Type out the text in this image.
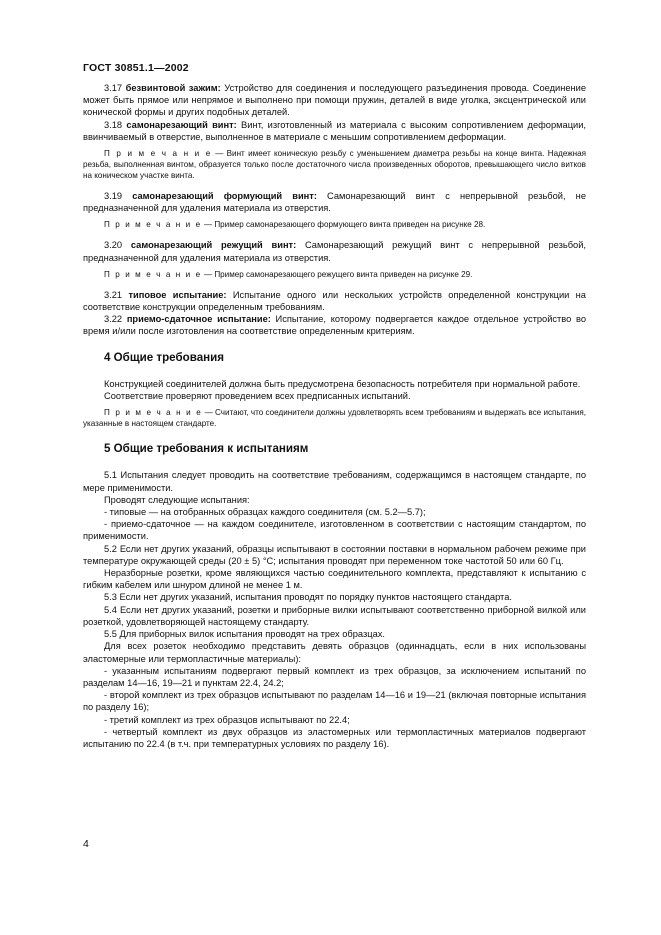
ГОСТ 30851.1—2002

3.17 безвинтовой зажим: Устройство для соединения и последующего разъединения провода. Соединение может быть прямое или непрямое и выполнено при помощи пружин, деталей в виде уголка, эксцентрической или конической формы и других подобных деталей.

3.18 самонарезающий винт: Винт, изготовленный из материала с высоким сопротивлением деформации, ввинчиваемый в отверстие, выполненное в материале с меньшим сопротивлением деформации.

П р и м е ч а н и е — Винт имеет коническую резьбу с уменьшением диаметра резьбы на конце винта. Надежная резьба, выполненная винтом, образуется только после достаточного числа произведенных оборотов, превышающего число витков на коническом участке винта.

3.19 самонарезающий формующий винт: Самонарезающий винт с непрерывной резьбой, не предназначенной для удаления материала из отверстия.

П р и м е ч а н и е — Пример самонарезающего формующего винта приведен на рисунке 28.

3.20 самонарезающий режущий винт: Самонарезающий режущий винт с непрерывной резьбой, предназначенной для удаления материала из отверстия.

П р и м е ч а н и е — Пример самонарезающего режущего винта приведен на рисунке 29.

3.21 типовое испытание: Испытание одного или нескольких устройств определенной конструкции на соответствие конструкции определенным требованиям.

3.22 приемо-сдаточное испытание: Испытание, которому подвергается каждое отдельное устройство во время и/или после изготовления на соответствие определенным критериям.

4 Общие требования

Конструкцией соединителей должна быть предусмотрена безопасность потребителя при нормальной работе.

Соответствие проверяют проведением всех предписанных испытаний.

П р и м е ч а н и е — Считают, что соединители должны удовлетворять всем требованиям и выдержать все испытания, указанные в настоящем стандарте.

5 Общие требования к испытаниям

5.1 Испытания следует проводить на соответствие требованиям, содержащимся в настоящем стандарте, по мере применимости.

Проводят следующие испытания:

- типовые — на отобранных образцах каждого соединителя (см. 5.2—5.7);

- приемо-сдаточное — на каждом соединителе, изготовленном в соответствии с настоящим стандартом, по применимости.

5.2 Если нет других указаний, образцы испытывают в состоянии поставки в нормальном рабочем режиме при температуре окружающей среды (20 ± 5) °С; испытания проводят при переменном токе частотой 50 или 60 Гц.

Неразборные розетки, кроме являющихся частью соединительного комплекта, представляют к испытанию с гибким кабелем или шнуром длиной не менее 1 м.

5.3 Если нет других указаний, испытания проводят по порядку пунктов настоящего стандарта.

5.4 Если нет других указаний, розетки и приборные вилки испытывают соответственно приборной вилкой или розеткой, удовлетворяющей настоящему стандарту.

5.5 Для приборных вилок испытания проводят на трех образцах.

Для всех розеток необходимо представить девять образцов (одиннадцать, если в них использованы эластомерные или термопластичные материалы):

- указанным испытаниям подвергают первый комплект из трех образцов, за исключением испытаний по разделам 14—16, 19—21 и пунктам 22.4, 24.2;

- второй комплект из трех образцов испытывают по разделам 14—16 и 19—21 (включая повторные испытания по разделу 16);

- третий комплект из трех образцов испытывают по 22.4;

- четвертый комплект из двух образцов из эластомерных или термопластичных материалов подвергают испытанию по 22.4 (в т.ч. при температурных условиях по разделу 16).

4
